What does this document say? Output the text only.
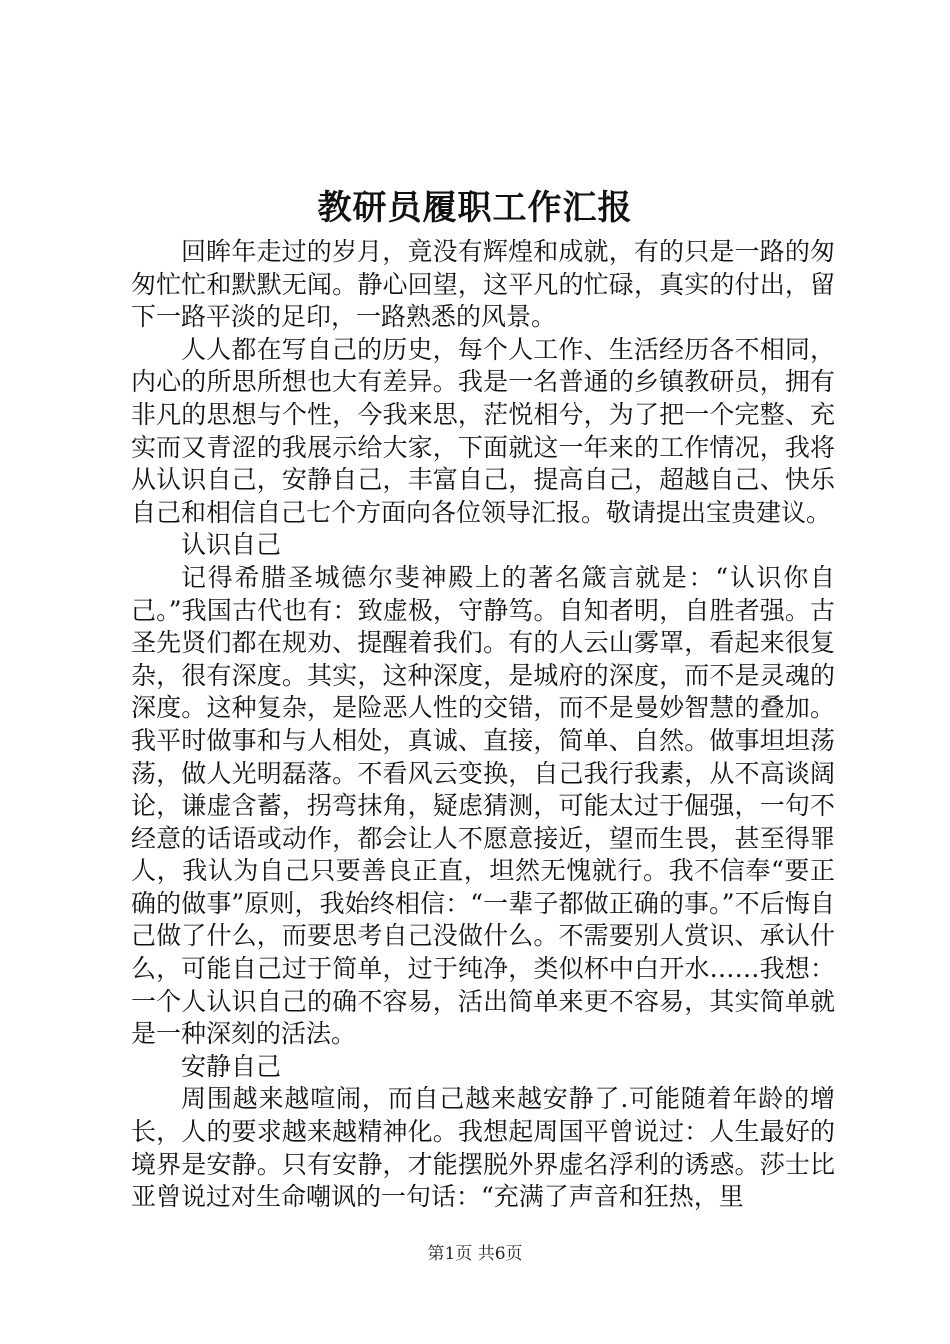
教研员履职工作汇报

回眸年走过的岁月，竟没有辉煌和成就，有的只是一路的匆匆忙忙和默默无闻。静心回望，这平凡的忙碌，真实的付出，留下一路平淡的足印，一路熟悉的风景。

人人都在写自己的历史，每个人工作、生活经历各不相同，内心的所思所想也大有差异。我是一名普通的乡镇教研员，拥有非凡的思想与个性，今我来思，茫悦相兮，为了把一个完整、充实而又青涩的我展示给大家，下面就这一年来的工作情况，我将从认识自己，安静自己，丰富自己，提高自己，超越自己、快乐自己和相信自己七个方面向各位领导汇报。敬请提出宝贵建议。

认识自己

记得希腊圣城德尔斐神殿上的著名箴言就是：“认识你自己。”我国古代也有：致虚极，守静笃。自知者明，自胜者强。古圣先贤们都在规劝、提醒着我们。有的人云山雾罩，看起来很复杂，很有深度。其实，这种深度，是城府的深度，而不是灵魂的深度。这种复杂，是险恶人性的交错，而不是曼妙智慧的叠加。我平时做事和与人相处，真诚、直接，简单、自然。做事坦坦荡荡，做人光明磊落。不看风云变换，自己我行我素，从不高谈阔论，谦虚含蓄，拐弯抹角，疑虑猜测，可能太过于倔强，一句不经意的话语或动作，都会让人不愿意接近，望而生畏，甚至得罪人，我认为自己只要善良正直，坦然无愧就行。我不信奉“要正确的做事”原则，我始终相信：“一辈子都做正确的事。”不后悔自己做了什么，而要思考自己没做什么。不需要别人赏识、承认什么，可能自己过于简单，过于纯净，类似杯中白开水……我想：一个人认识自己的确不容易，活出简单来更不容易，其实简单就是一种深刻的活法。

安静自己

周围越来越喧闹，而自己越来越安静了.可能随着年龄的增长，人的要求越来越精神化。我想起周国平曾说过：人生最好的境界是安静。只有安静，才能摆脱外界虚名浮利的诱惑。莎士比亚曾说过对生命嘲讽的一句话：“充满了声音和狂热，里

第1页 共6页
